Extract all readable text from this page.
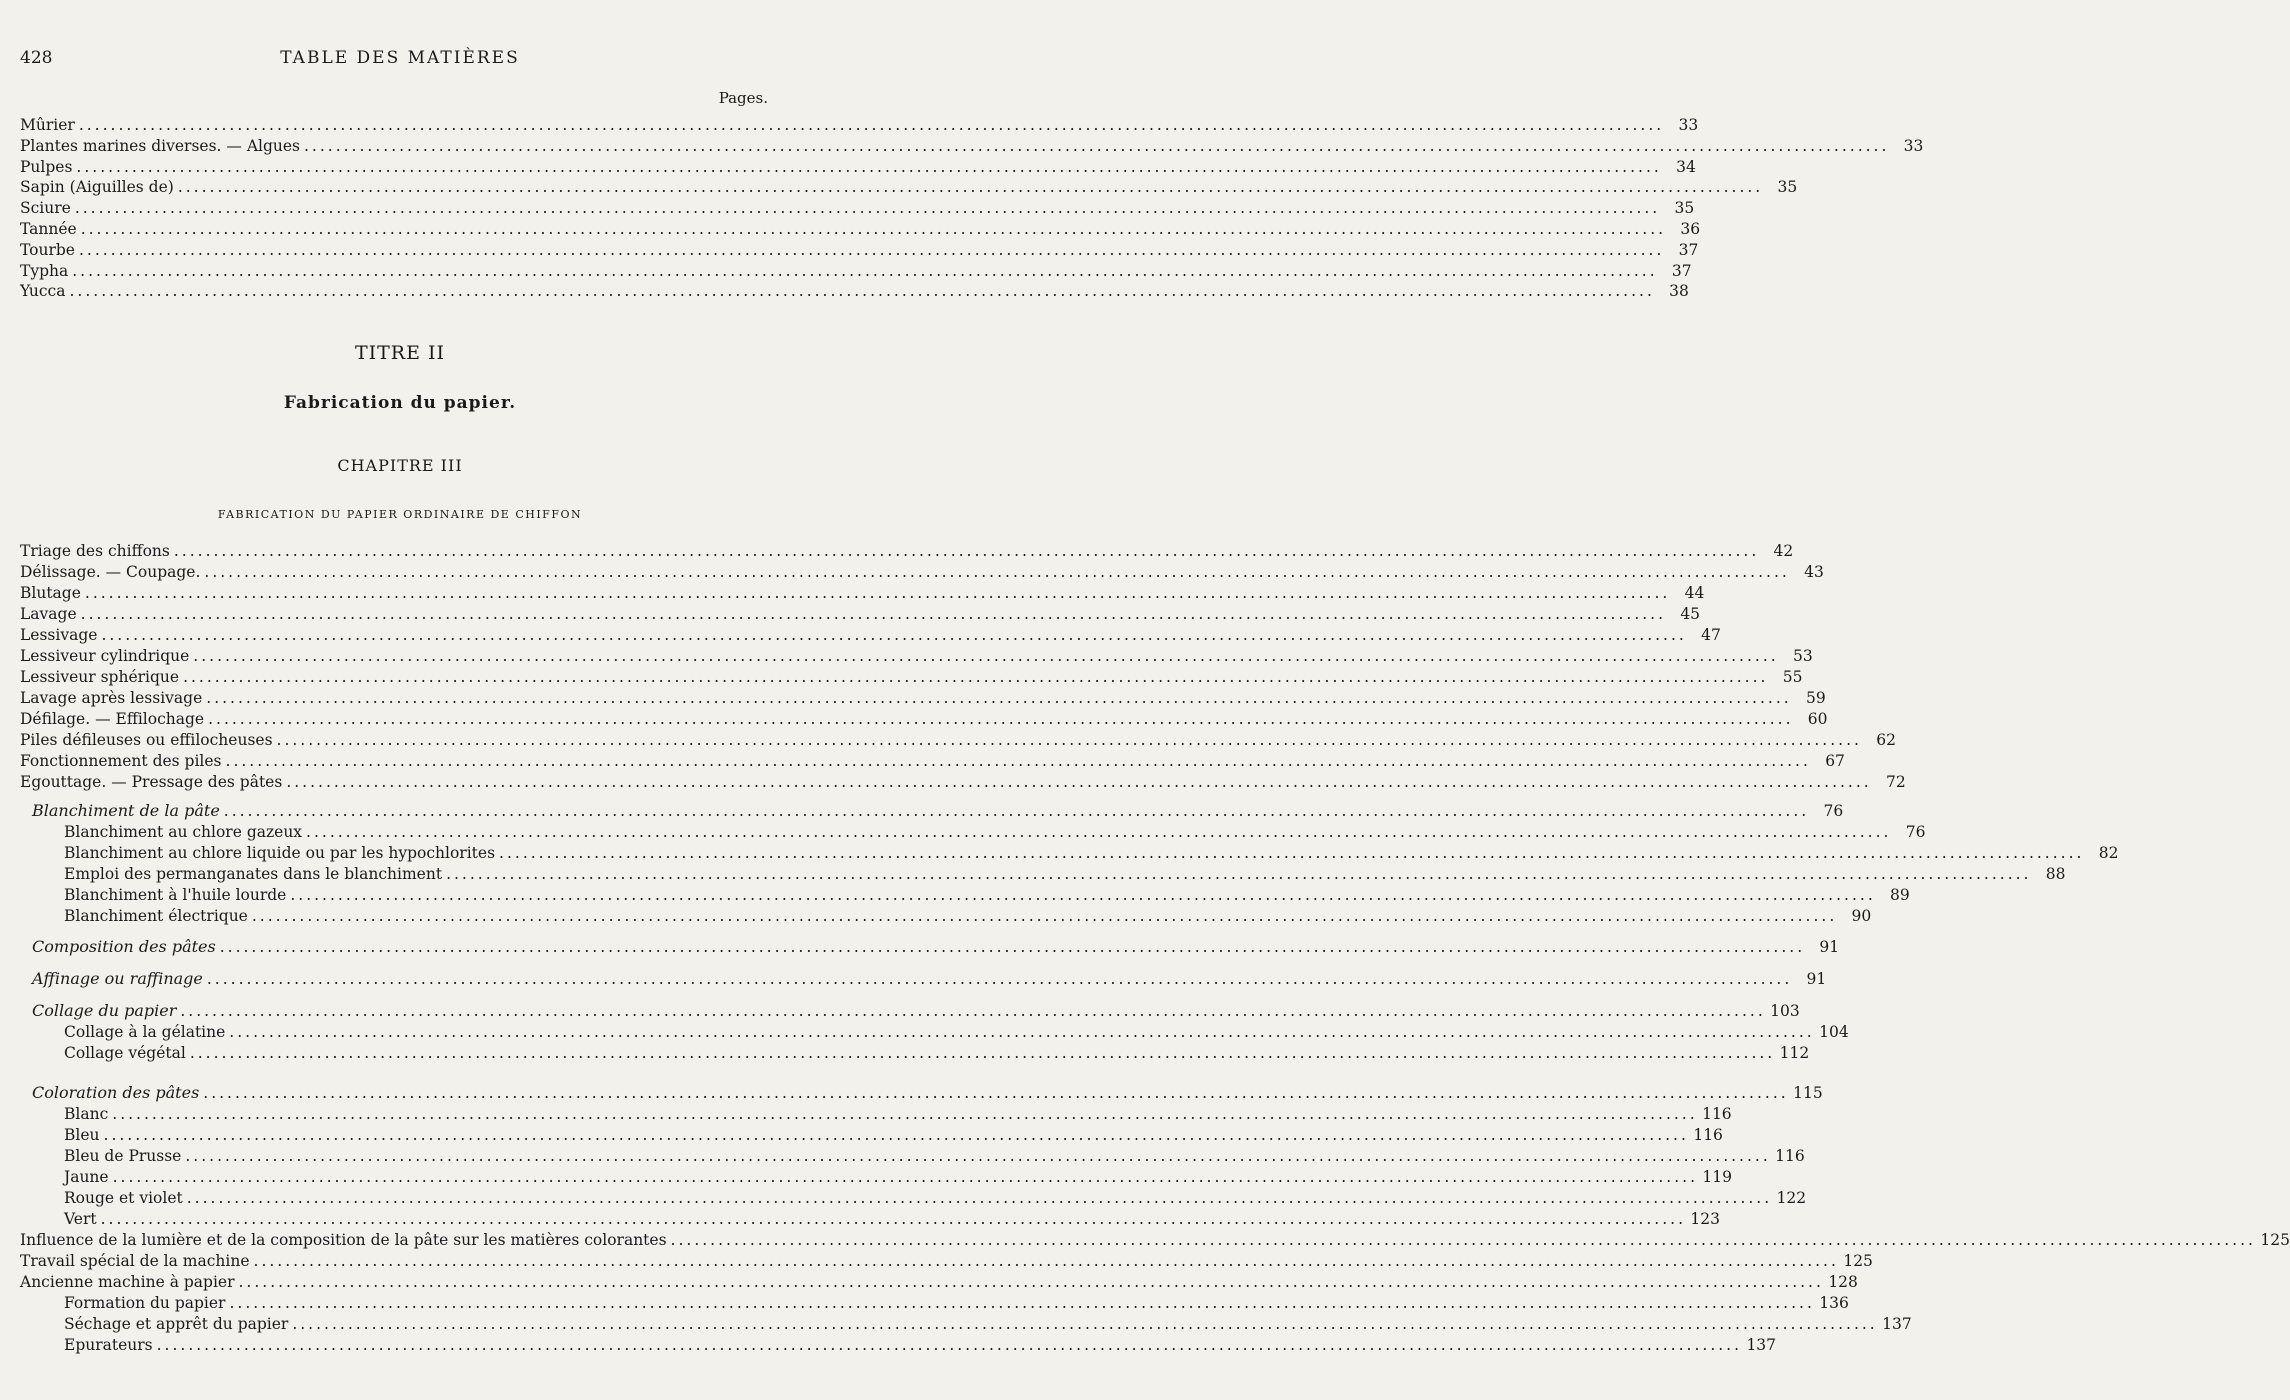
428	TABLE DES MATIÈRES
Pages.
Mûrier ........................................................................................................................................................................................................ 33
Plantes marines diverses. — Algues ........................................................................................................................................................................................................ 33
Pulpes ........................................................................................................................................................................................................ 34
Sapin (Aiguilles de) ........................................................................................................................................................................................................ 35
Sciure ........................................................................................................................................................................................................ 35
Tannée ........................................................................................................................................................................................................ 36
Tourbe ........................................................................................................................................................................................................ 37
Typha ........................................................................................................................................................................................................ 37
Yucca ........................................................................................................................................................................................................ 38
TITRE II
Fabrication du papier.
CHAPITRE III
FABRICATION DU PAPIER ORDINAIRE DE CHIFFON
Triage des chiffons ........................................................................................................................................................................................................ 42
Délissage. — Coupage. ........................................................................................................................................................................................................ 43
Blutage ........................................................................................................................................................................................................ 44
Lavage ........................................................................................................................................................................................................ 45
Lessivage ........................................................................................................................................................................................................ 47
Lessiveur cylindrique ........................................................................................................................................................................................................ 53
Lessiveur sphérique ........................................................................................................................................................................................................ 55
Lavage après lessivage ........................................................................................................................................................................................................ 59
Défilage. — Effilochage ........................................................................................................................................................................................................ 60
Piles défileuses ou effilocheuses ........................................................................................................................................................................................................ 62
Fonctionnement des piles ........................................................................................................................................................................................................ 67
Egouttage. — Pressage des pâtes ........................................................................................................................................................................................................ 72
Blanchiment de la pâte ........................................................................................................................................................................................................ 76
Blanchiment au chlore gazeux ........................................................................................................................................................................................................ 76
Blanchiment au chlore liquide ou par les hypochlorites ........................................................................................................................................................................................................ 82
Emploi des permanganates dans le blanchiment ........................................................................................................................................................................................................ 88
Blanchiment à l'huile lourde ........................................................................................................................................................................................................ 89
Blanchiment électrique ........................................................................................................................................................................................................ 90
Composition des pâtes ........................................................................................................................................................................................................ 91
Affinage ou raffinage ........................................................................................................................................................................................................ 91
Collage du papier ........................................................................................................................................................................................................ 103
Collage à la gélatine ........................................................................................................................................................................................................ 104
Collage végétal ........................................................................................................................................................................................................ 112
Coloration des pâtes ........................................................................................................................................................................................................ 115
Blanc ........................................................................................................................................................................................................ 116
Bleu ........................................................................................................................................................................................................ 116
Bleu de Prusse ........................................................................................................................................................................................................ 116
Jaune ........................................................................................................................................................................................................ 119
Rouge et violet ........................................................................................................................................................................................................ 122
Vert ........................................................................................................................................................................................................ 123
Influence de la lumière et de la composition de la pâte sur les matières colorantes ........................................................................................................................................................................................................ 125
Travail spécial de la machine ........................................................................................................................................................................................................ 125
Ancienne machine à papier ........................................................................................................................................................................................................ 128
Formation du papier ........................................................................................................................................................................................................ 136
Séchage et apprêt du papier ........................................................................................................................................................................................................ 137
Epurateurs ........................................................................................................................................................................................................ 137
